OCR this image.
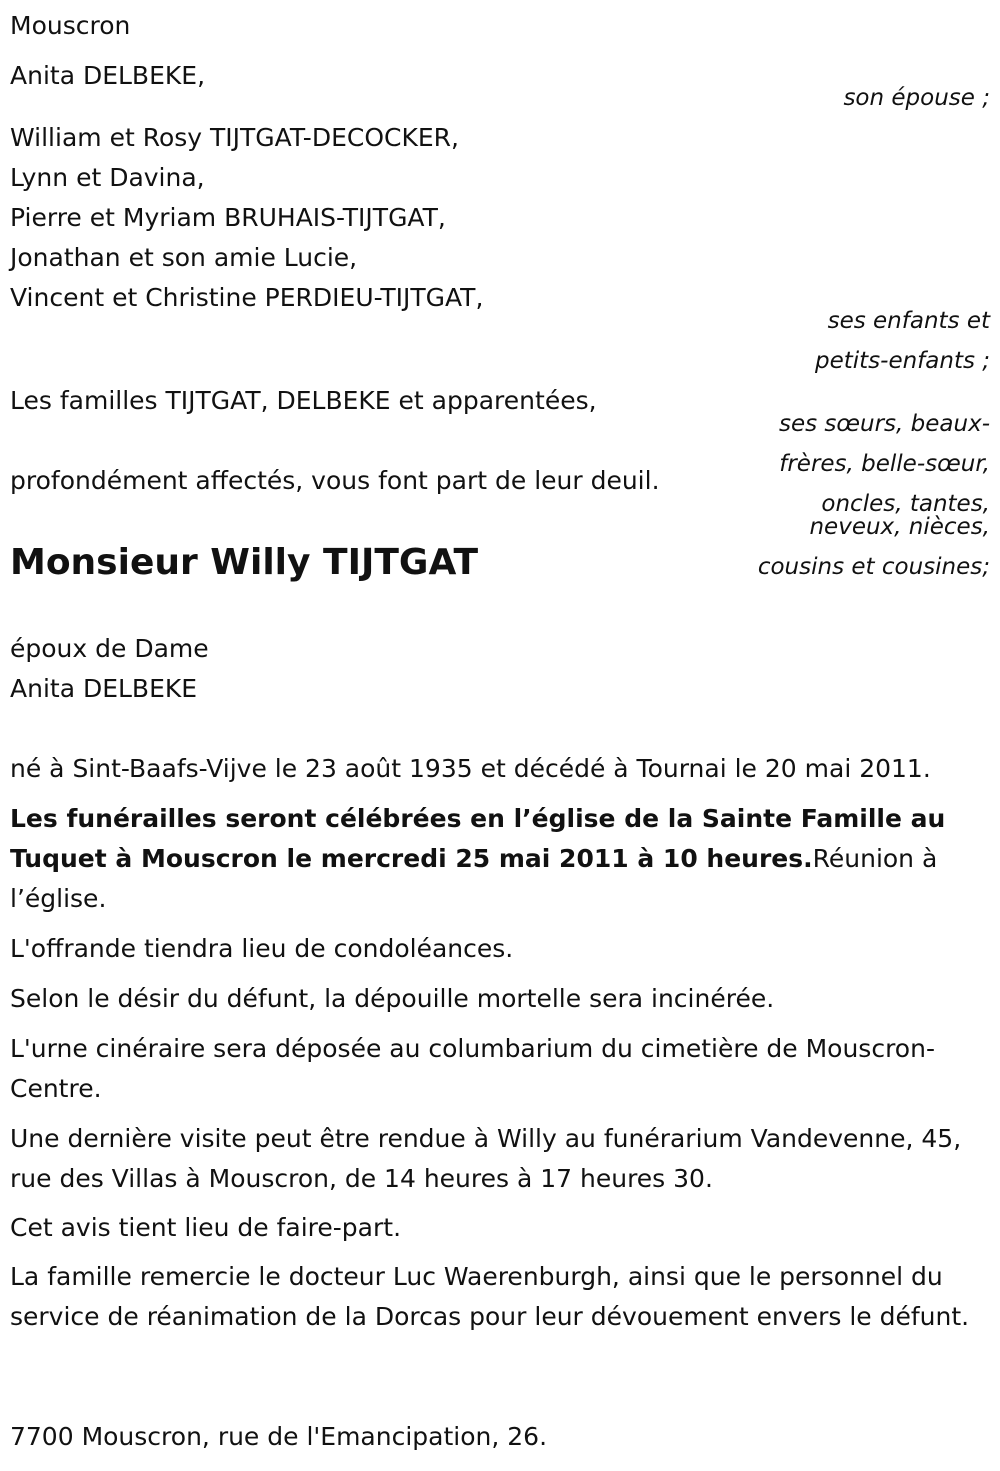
Mouscron
Anita DELBEKE,
son épouse ;
William et Rosy TIJTGAT-DECOCKER,
Lynn et Davina,
Pierre et Myriam BRUHAIS-TIJTGAT,
Jonathan et son amie Lucie,
Vincent et Christine PERDIEU-TIJTGAT,
ses enfants et
petits-enfants ;
Les familles TIJTGAT, DELBEKE et apparentées,
ses sœurs, beaux-
frères, belle-sœur,
oncles, tantes,
neveux, nièces,
cousins et cousines;
profondément affectés, vous font part de leur deuil.
Monsieur Willy TIJTGAT
époux de Dame
Anita DELBEKE
né à Sint-Baafs-Vijve le 23 août 1935 et décédé à Tournai le 20 mai 2011.
Les funérailles seront célébrées en l’église de la Sainte Famille au Tuquet à Mouscron le mercredi 25 mai 2011 à 10 heures.Réunion à l’église.
L'offrande tiendra lieu de condoléances.
Selon le désir du défunt, la dépouille mortelle sera incinérée.
L'urne cinéraire sera déposée au columbarium du cimetière de Mouscron-Centre.
Une dernière visite peut être rendue à Willy au funérarium Vandevenne, 45, rue des Villas à Mouscron, de 14 heures à 17 heures 30.
Cet avis tient lieu de faire-part.
La famille remercie le docteur Luc Waerenburgh, ainsi que le personnel du service de réanimation de la Dorcas pour leur dévouement envers le défunt.
7700 Mouscron, rue de l'Emancipation, 26.
